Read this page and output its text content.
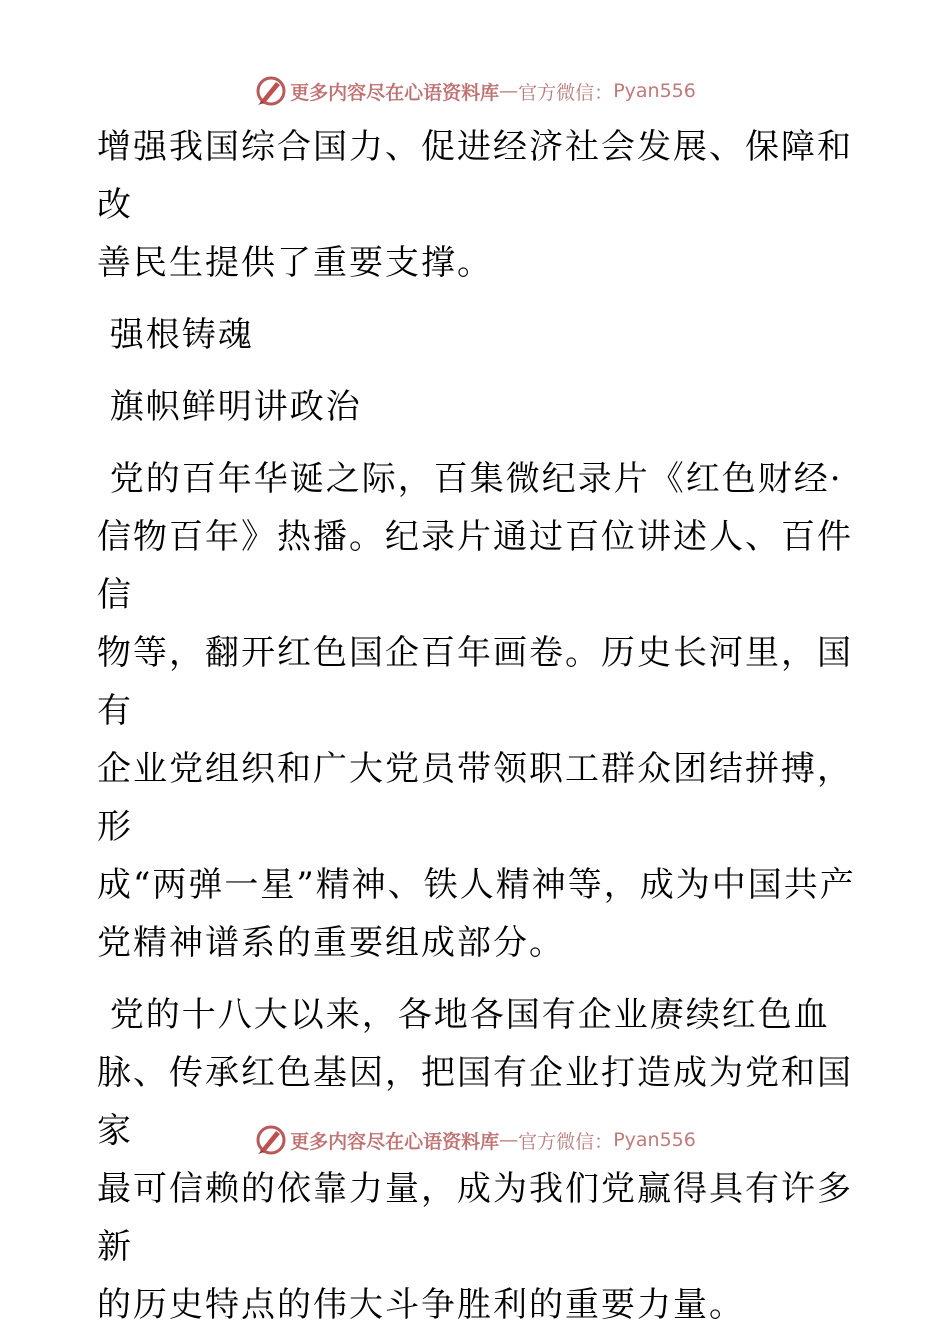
更多内容尽在心语资料库 — 官方微信： Pyan556

增强我国综合国力、促进经济社会发展、保障和改

善民生提供了重要支撑。

强根铸魂

旗帜鲜明讲政治

党的百年华诞之际，百集微纪录片《红色财经·

信物百年》热播。纪录片通过百位讲述人、百件信

物等，翻开红色国企百年画卷。历史长河里，国有

企业党组织和广大党员带领职工群众团结拼搏，形

成“两弹一星”精神、铁人精神等，成为中国共产

党精神谱系的重要组成部分。

党的十八大以来，各地各国有企业赓续红色血

脉、传承红色基因，把国有企业打造成为党和国家

最可信赖的依靠力量，成为我们党赢得具有许多新

的历史特点的伟大斗争胜利的重要力量。

更多内容尽在心语资料库 — 官方微信： Pyan556
